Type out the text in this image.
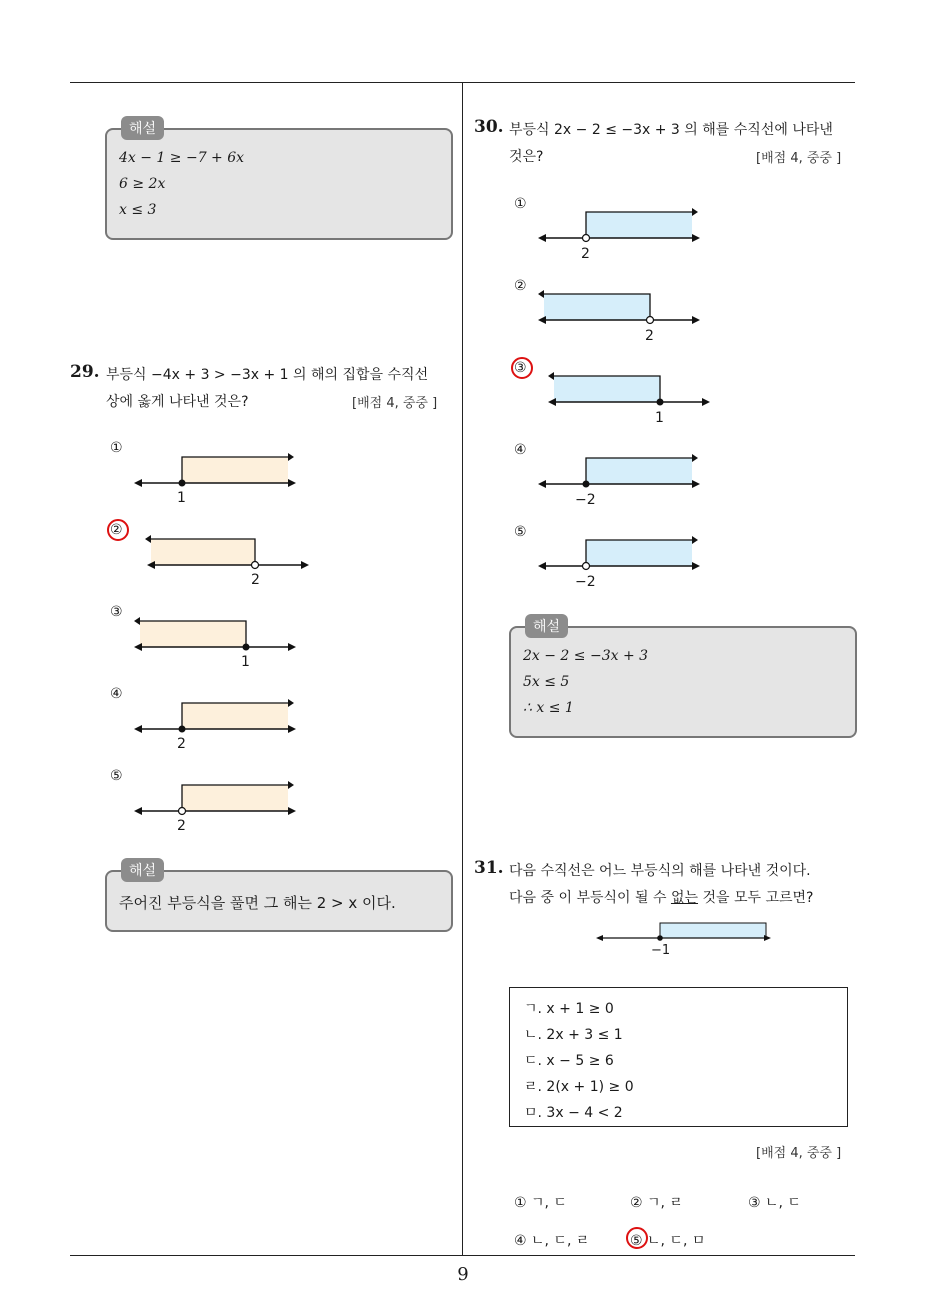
9
해설
4x − 1 ≥ −7 + 6x
6 ≥ 2x
x ≤ 3
29. 부등식 −4x + 3 > −3x + 1 의 해의 집합을 수직선
상에 옳게 나타낸 것은?	[배점 4, 중중 ]
①
1
②
2
③
1
④
2
⑤
2
해설
주어진 부등식을 풀면 그 해는 2 > x 이다.
30. 부등식 2x − 2 ≤ −3x + 3 의 해를 수직선에 나타낸
것은?	[배점 4, 중중 ]
①
2
②
2
③
1
④
−2
⑤
−2
해설
2x − 2 ≤ −3x + 3
5x ≤ 5
∴ x ≤ 1
31. 다음 수직선은 어느 부등식의 해를 나타낸 것이다.
다음 중 이 부등식이 될 수 없는 것을 모두 고르면?
−1
ㄱ. x + 1 ≥ 0
ㄴ. 2x + 3 ≤ 1
ㄷ. x − 5 ≥ 6
ㄹ. 2(x + 1) ≥ 0
ㅁ. 3x − 4 < 2
[배점 4, 중중 ]
① ㄱ, ㄷ	② ㄱ, ㄹ	③ ㄴ, ㄷ
④ ㄴ, ㄷ, ㄹ	⑤ ㄴ, ㄷ, ㅁ
